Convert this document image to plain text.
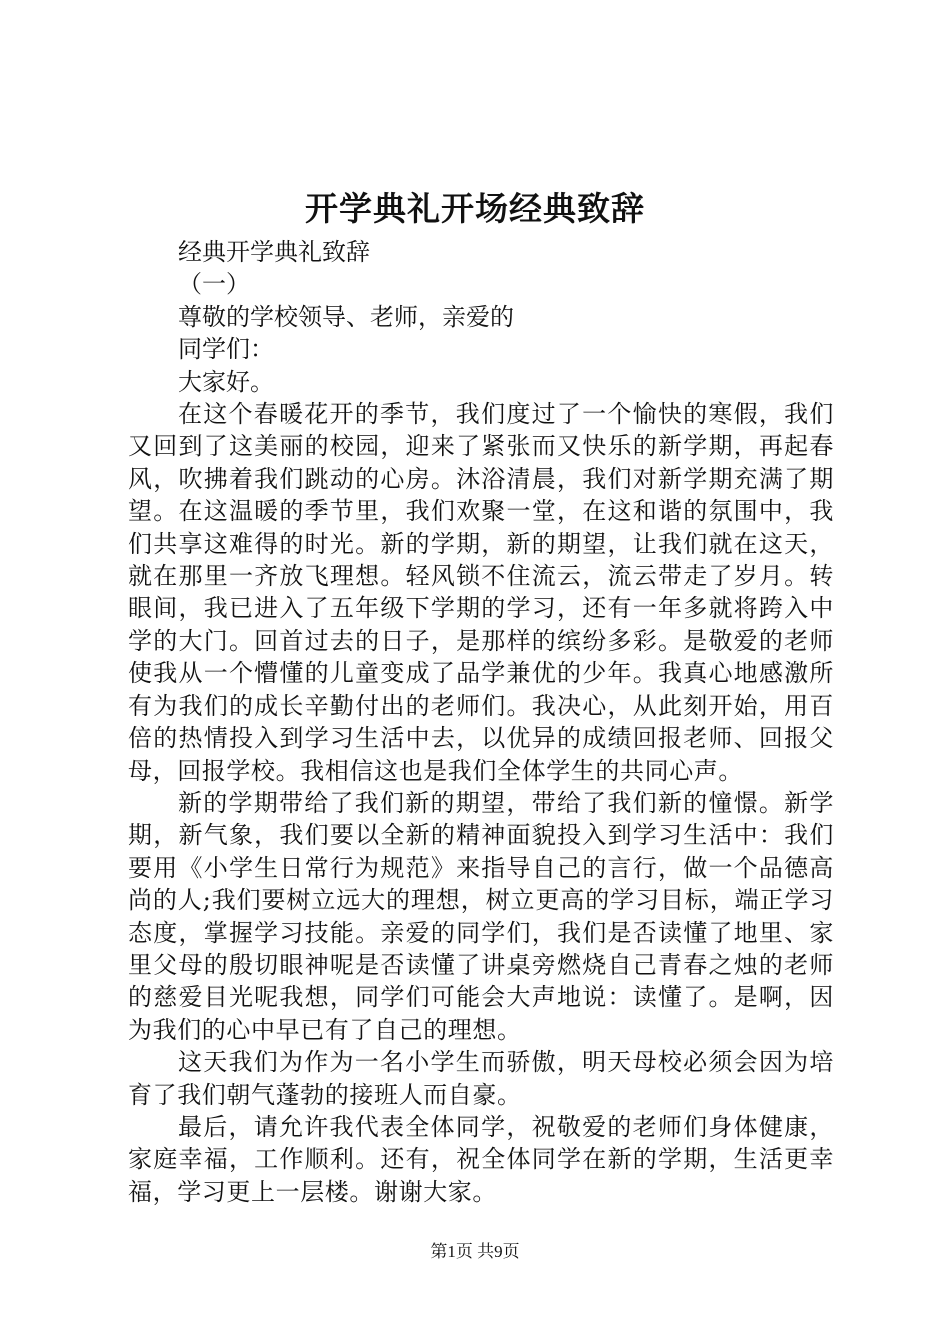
开学典礼开场经典致辞

经典开学典礼致辞

（一）

尊敬的学校领导、老师，亲爱的

同学们：

大家好。

在这个春暖花开的季节，我们度过了一个愉快的寒假，我们又回到了这美丽的校园，迎来了紧张而又快乐的新学期，再起春风，吹拂着我们跳动的心房。沐浴清晨，我们对新学期充满了期望。在这温暖的季节里，我们欢聚一堂，在这和谐的氛围中，我们共享这难得的时光。新的学期，新的期望，让我们就在这天，就在那里一齐放飞理想。轻风锁不住流云，流云带走了岁月。转眼间，我已进入了五年级下学期的学习，还有一年多就将跨入中学的大门。回首过去的日子，是那样的缤纷多彩。是敬爱的老师使我从一个懵懂的儿童变成了品学兼优的少年。我真心地感激所有为我们的成长辛勤付出的老师们。我决心，从此刻开始，用百倍的热情投入到学习生活中去，以优异的成绩回报老师、回报父母，回报学校。我相信这也是我们全体学生的共同心声。

新的学期带给了我们新的期望，带给了我们新的憧憬。新学期，新气象，我们要以全新的精神面貌投入到学习生活中：我们要用《小学生日常行为规范》来指导自己的言行，做一个品德高尚的人;我们要树立远大的理想，树立更高的学习目标，端正学习态度，掌握学习技能。亲爱的同学们，我们是否读懂了地里、家里父母的殷切眼神呢是否读懂了讲桌旁燃烧自己青春之烛的老师的慈爱目光呢我想，同学们可能会大声地说：读懂了。是啊，因为我们的心中早已有了自己的理想。

这天我们为作为一名小学生而骄傲，明天母校必须会因为培育了我们朝气蓬勃的接班人而自豪。

最后，请允许我代表全体同学，祝敬爱的老师们身体健康，家庭幸福，工作顺利。还有，祝全体同学在新的学期，生活更幸福，学习更上一层楼。谢谢大家。

第1页 共9页
